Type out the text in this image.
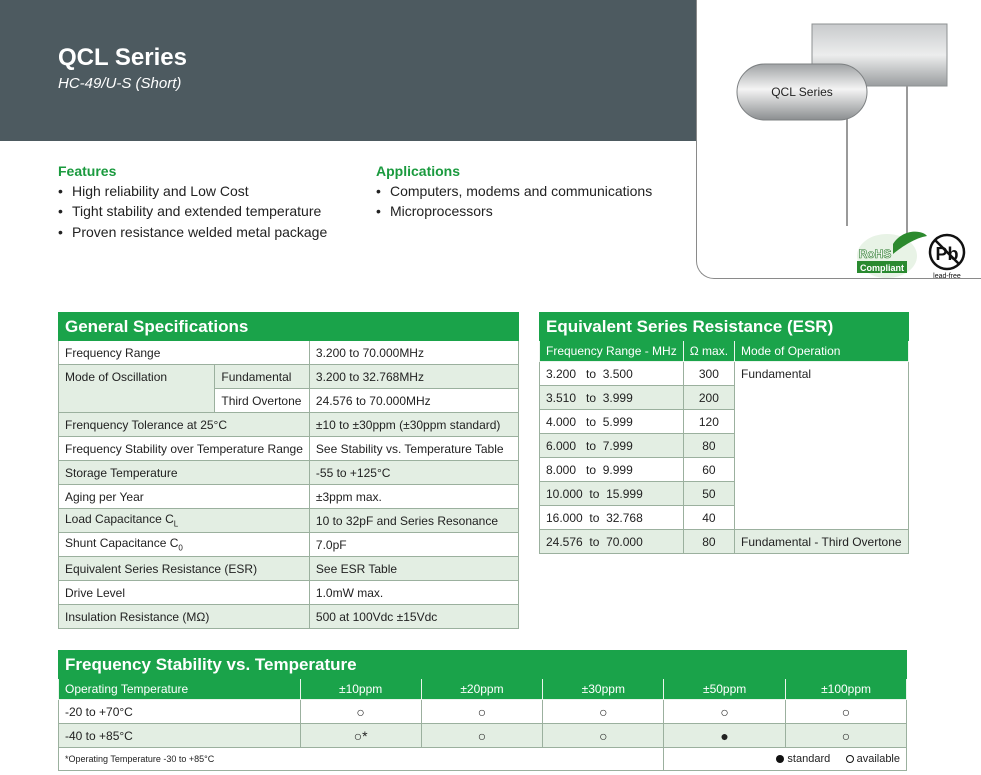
QCL Series
HC-49/U-S (Short)	QCL Series
RoHS
Compliant
Pb
lead-free
Features
• High reliability and Low Cost
• Tight stability and extended temperature
• Proven resistance welded metal package
Applications
• Computers, modems and communications
• Microprocessors
General Specifications		
Frequency Range		3.200 to 70.000MHz
Mode of Oscillation	Fundamental	3.200 to 32.768MHz
	Third Overtone	24.576 to 70.000MHz
Frenquency Tolerance at 25°C		±10 to ±30ppm (±30ppm standard)
Frequency Stability over Temperature Range		See Stability vs. Temperature Table
Storage Temperature		-55 to +125°C
Aging per Year		±3ppm max.
Load Capacitance $C_L$		10 to 32pF and Series Resonance
Shunt Capacitance $C_0$		7.0pF
Equivalent Series Resistance (ESR)		See ESR Table
Drive Level		1.0mW max.
Insulation Resistance (MΩ)		500 at 100Vdc ±15Vdc
Equivalent Series Resistance (ESR)		
Frequency Range - MHz	Ω max.	Mode of Operation
3.200 to 3.500	300	Fundamental
3.510 to 3.999	200	
4.000 to 5.999	120	
6.000 to 7.999	80	
8.000 to 9.999	60	
10.000 to 15.999	50	
16.000 to 32.768	40	
24.576 to 70.000	80	Fundamental - Third Overtone
Frequency Stability vs. Temperature					
Operating Temperature	±10ppm	±20ppm	±30ppm	±50ppm	±100ppm
-20 to +70°C	○	○	○	○	○
-40 to +85°C	○*	○	○	●	○
*Operating Temperature -30 to +85°C				standard available	
